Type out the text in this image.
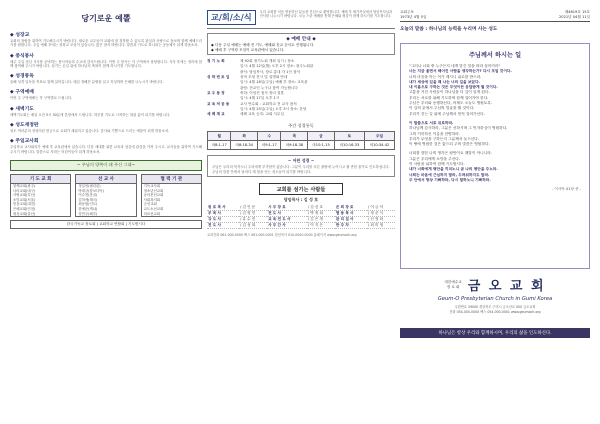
당기로운 예뽈
◆ 성장교
교회의 창립을 위하여 기도해주시기 바랍니다. 새로운 교우들이 교회에 잘 정착할 수 있도록 관심과 사랑으로 돌보며 함께 예배드리기를 원합니다. 주일 예배 후에는 성장교 모임이 있습니다. 많은 참석 바랍니다. 말씀과 기도로 하나되는 공동체가 되게 하옵소서.
◆ 중식봉사
매주 주일 점심 식사를 준비하는 봉사자들의 수고에 감사드립니다. 이번 주 봉사는 각 구역에서 담당합니다. 식사 후에는 정리에 함께 참여해 주시기 바랍니다. 섬기는 손길 위에 하나님의 축복이 함께 하시기를 기도합니다.
◆ 성경통독
올해 성경 일독을 목표로 함께 읽어갑니다. 매일 정해진 분량을 읽고 묵상하며 은혜를 나누시기 바랍니다.
◆ 구역예배
이번 주 구역예배는 각 구역별로 드립니다.
◆ 새벽기도
새벽기도회는 매일 오전 5시 30분에 본당에서 드립니다. 하루를 기도로 시작하는 복된 삶이 되기를 바랍니다.
◆ 성도재정판
성도 여러분의 정성어린 헌금으로 교회가 세워지고 있습니다. 감사와 기쁨으로 드리는 예물이 되게 하옵소서.
◆ 주일교사회
주일학교 교사회의가 예배 후 교육관에서 있습니다. 다음 세대를 위한 교육과 섬김에 관심을 가져 주시고, 교사들을 위하여 기도해 주시기 바랍니다. 말씀으로 자라는 어린이들이 되게 하옵소서.
~ 주님의 양쪽이 돼 주신 그대~
기 도 교 회
함께교회(광주)
나라교회(대구)
사랑교회(부산)
소망교회(서울)
믿음교회(대전)
은혜교회(인천)
평강교회(울산)
선 교 사
정일선(필리핀)
박대규(캄보디아)
이수현(몽골)
김미애(태국)
최동원(인도)
한예준(케냐)
강민주(페루)
협 력 기 관
기독교사회
청소년선교회
농어촌선교회
사회복지회
군선교회
교도소선교회
의료선교회
한국기독교 장로회 | 교회학교 연합회 | 기도합시다
교/회/소/식	우리 교회를 처음 방문하신 분들을 진심으로 환영합니다. 예배 후 새가족실에서 담임목사님과 인사를 나누시기 바랍니다. 오늘 드린 예배를 통해 은혜와 평강이 함께 하시기를 기도합니다.
◆ 예배 안내 ◆
◆ 다음 주일 예배는 예배 전 기도, 예배와 친교 순서로 진행됩니다.
◆ 예배 후 구역장 모임이 교육관에서 있습니다.
정 기 노 회	제 92회 정기노회 개최 일시 / 장소
일시: 4월 12일(월) 오후 2시 장소: 광주노회관
출석: 담임목사, 장로 총대 각 1인 참석
성 막 번 트 입	성막 모형 전시 및 설명회 안내
일시: 4월 18일(주일) 예배 후 장소: 교육관
관람: 전교인 누구나 참여 가능합니다
교 우 동 정	축하: 이성진 집사 장녀 결혼
일시: 4월 17일 오후 1시
교 육 처 공 동	교사 연수회 : 교회학교 전 교사 참석
일시: 4월 25일(주일) 오후 3시 장소: 본당
세 례 계 교	세례 교육 등록: 교회 사무실
주간 성경통독
월	화	수	목	금	토	주일
마8:1-17	마8:18-34	마9:1-17	마9:18-38	마10:1-15	마10:16-33	마10:34-42
~ 어린 성경 ~
주님은 우리의 목자시니 우리에게 부족함이 없습니다. 그분이 우리를 푸른 풀밭에 누이시고 쉴 만한 물가로 인도하십니다. 주님의 말씀 안에서 날마다 새 힘을 얻는 성도들이 되기를 바랍니다.
교회를 섬기는 사람들
담임목사 : 김 성 호
원 로 목 사	/ 김 인 문	시 무 장 로	/ 김 신 호	은 퇴 장 로	/ 이 금 석
부 목 사	/ 김 영 민	전 도 사	/ 박 정 희	협 동 목 사	/ 정 준 식
강 도 사	/ 유 수 진	교 육 전 도 사	/ 김 은 정	관 리 집 사	/ 신 영 화
전 도 사	/ 김 성 희	사 무 간 사	/ 이 지 은	반 주 자	/ 최 미 영
교회전화 061-000-0000 팩스 061-000-0001 담임목사 010-0000-0000 홈페이지 www.geumoch.org
교회주보
1973년 4월 5일
제4619호 15호
2021년 04월 11일
오늘의 말씀 : 하나님의 능력을 누리며 사는 성도
주님께서 하시는 일
"그러나 너희 중 누구든지 내게 맡긴 일을 따라 살아가라"
너는 지금 울면서 헤어진 사람을 생각하는가? 다시 모일 것이다.
너의 마음을 아는 이가 계시니 위로를 받으라.
내가 세상에 있을 때 나는 너의 길을 보았다.
내 이름으로 구하는 것은 무엇이든 응답받게 될 것이다.
고통을 거친 사람들이 하나님을 더 깊이 알게 된다.
우리는 서로를 위해 기도하며 함께 걸어가야 한다.
주님은 우리와 동행하신다, 어제도 오늘도 영원토록.
이 길의 끝에서 주님의 얼굴을 뵐 것이다.
우리가 걷는 길 위에 주님께서 먼저 걸어가신다.
이 말씀으로 서로 위로하라.
하나님께 감사하라, 그분은 선하시며 그 인자하심이 영원하다.
그의 거룩하신 이름을 찬양하라.
우리가 무엇을 구하든지 그분께서 들으신다.
이 땅에 영원한 것은 없으되 주의 말씀은 영원하다.
너희를 향한 나의 생각은 평안이요 재앙이 아니니라.
그분은 우리에게 소망을 주신다.
이 사람을 위하여 함께 기도합시다.
내가 너희에게 평안을 끼치노니 곧 나의 평안을 주노라.
너희는 마음에 근심하지 말라, 두려워하지도 말라.
주 안에서 항상 기뻐하라, 다시 말하노니 기뻐하라.
- 이사야 41장 중 -
대한예수교
장 로 회 금 오 교 회
Geum-O Presbyterian Church in Gumi Korea
우편번호 39000 경상북도 구미시 금오산로 000 금오교회
전화 054-000-0000 팩스 054-000-0001 www.geumoch.org
하나님은 항상 우리와 함께하시며, 우리의 삶을 인도하신다.
